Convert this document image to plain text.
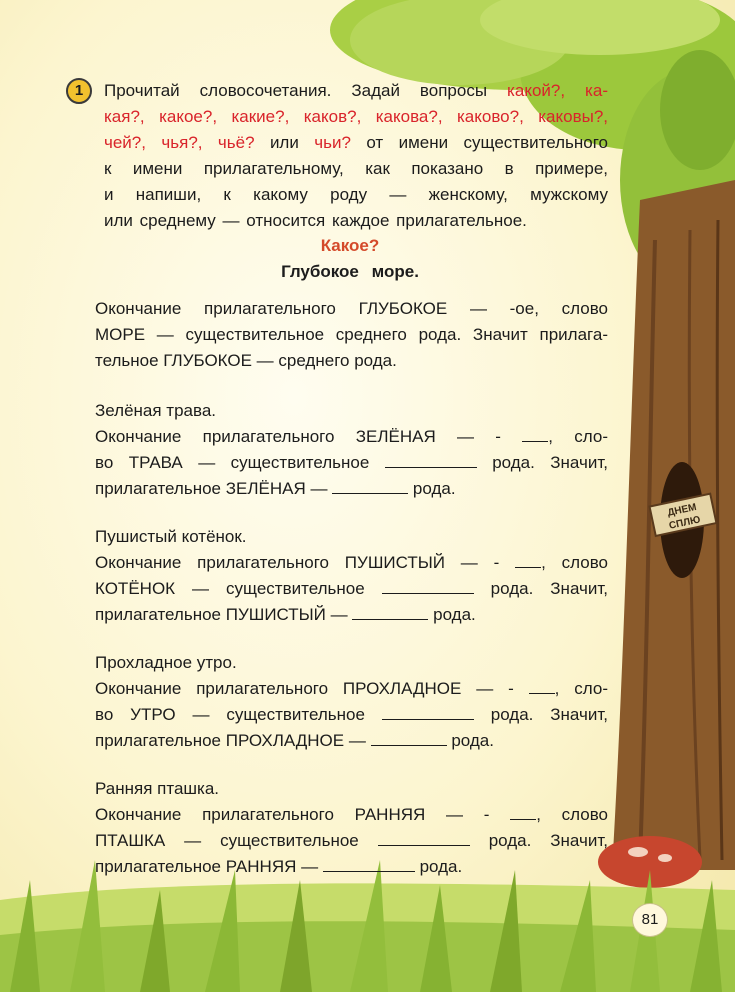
ДНЕМ
СПЛЮ
1	Прочитай словосочетания. Задай вопросы какой?, ка-
кая?, какое?, какие?, каков?, какова?, каково?, каковы?,
чей?, чья?, чьё? или чьи? от имени существительного
к имени прилагательному, как показано в примере,
и напиши, к какому роду — женскому, мужскому
или среднему — относится каждое прилагательное.
Какое?
Глубокое море.
Окончание прилагательного ГЛУБОКОЕ — -ое, слово
МОРЕ — существительное среднего рода. Значит прилага-
тельное ГЛУБОКОЕ — среднего рода.
Зелёная трава.
Окончание прилагательного ЗЕЛЁНАЯ — -	, сло-
во ТРАВА — существительное	рода. Значит,
прилагательное ЗЕЛЁНАЯ —	рода.
Пушистый котёнок.
Окончание прилагательного ПУШИСТЫЙ — - , слово
КОТЁНОК — существительное	рода. Значит,
прилагательное ПУШИСТЫЙ —	рода.
Прохладное утро.
Окончание прилагательного ПРОХЛАДНОЕ — - , сло-
во УТРО — существительное	рода. Значит,
прилагательное ПРОХЛАДНОЕ —	рода.
Ранняя пташка.
Окончание прилагательного РАННЯЯ — -	, слово
ПТАШКА — существительное	рода. Значит,
прилагательное РАННЯЯ —	рода.
81
